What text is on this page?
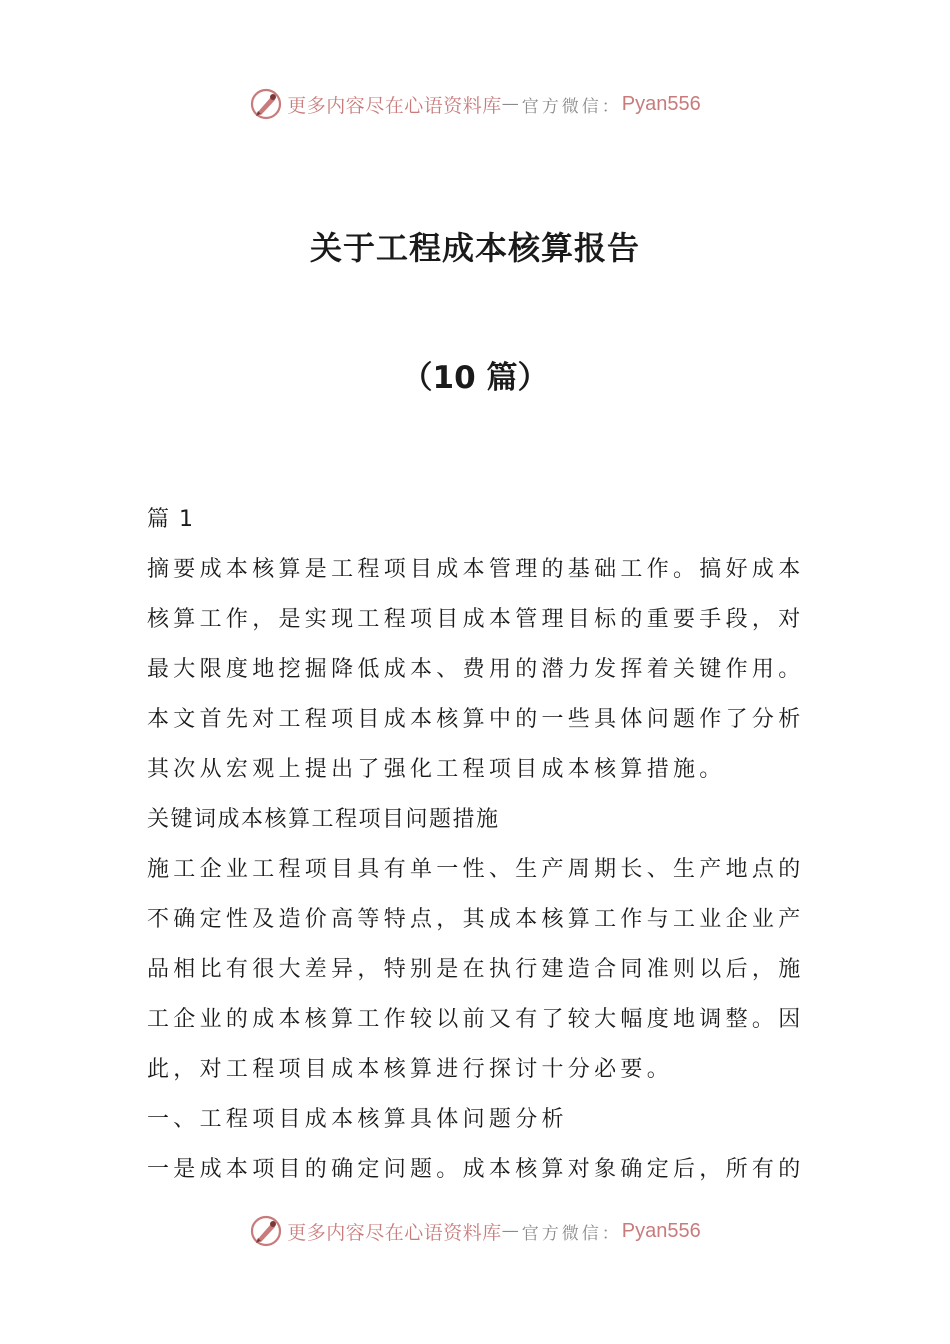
更多内容尽在心语资料库 — 官方微信： Pyan556
关于工程成本核算报告
（10 篇）
篇 1
摘要成本核算是工程项目成本管理的基础工作。搞好成本
核算工作，是实现工程项目成本管理目标的重要手段，对
最大限度地挖掘降低成本、费用的潜力发挥着关键作用。
本文首先对工程项目成本核算中的一些具体问题作了分析
其次从宏观上提出了强化工程项目成本核算措施。
关键词成本核算工程项目问题措施
施工企业工程项目具有单一性、生产周期长、生产地点的
不确定性及造价高等特点，其成本核算工作与工业企业产
品相比有很大差异，特别是在执行建造合同准则以后，施
工企业的成本核算工作较以前又有了较大幅度地调整。因
此，对工程项目成本核算进行探讨十分必要。
一、工程项目成本核算具体问题分析
一是成本项目的确定问题。成本核算对象确定后，所有的
更多内容尽在心语资料库 — 官方微信： Pyan556
